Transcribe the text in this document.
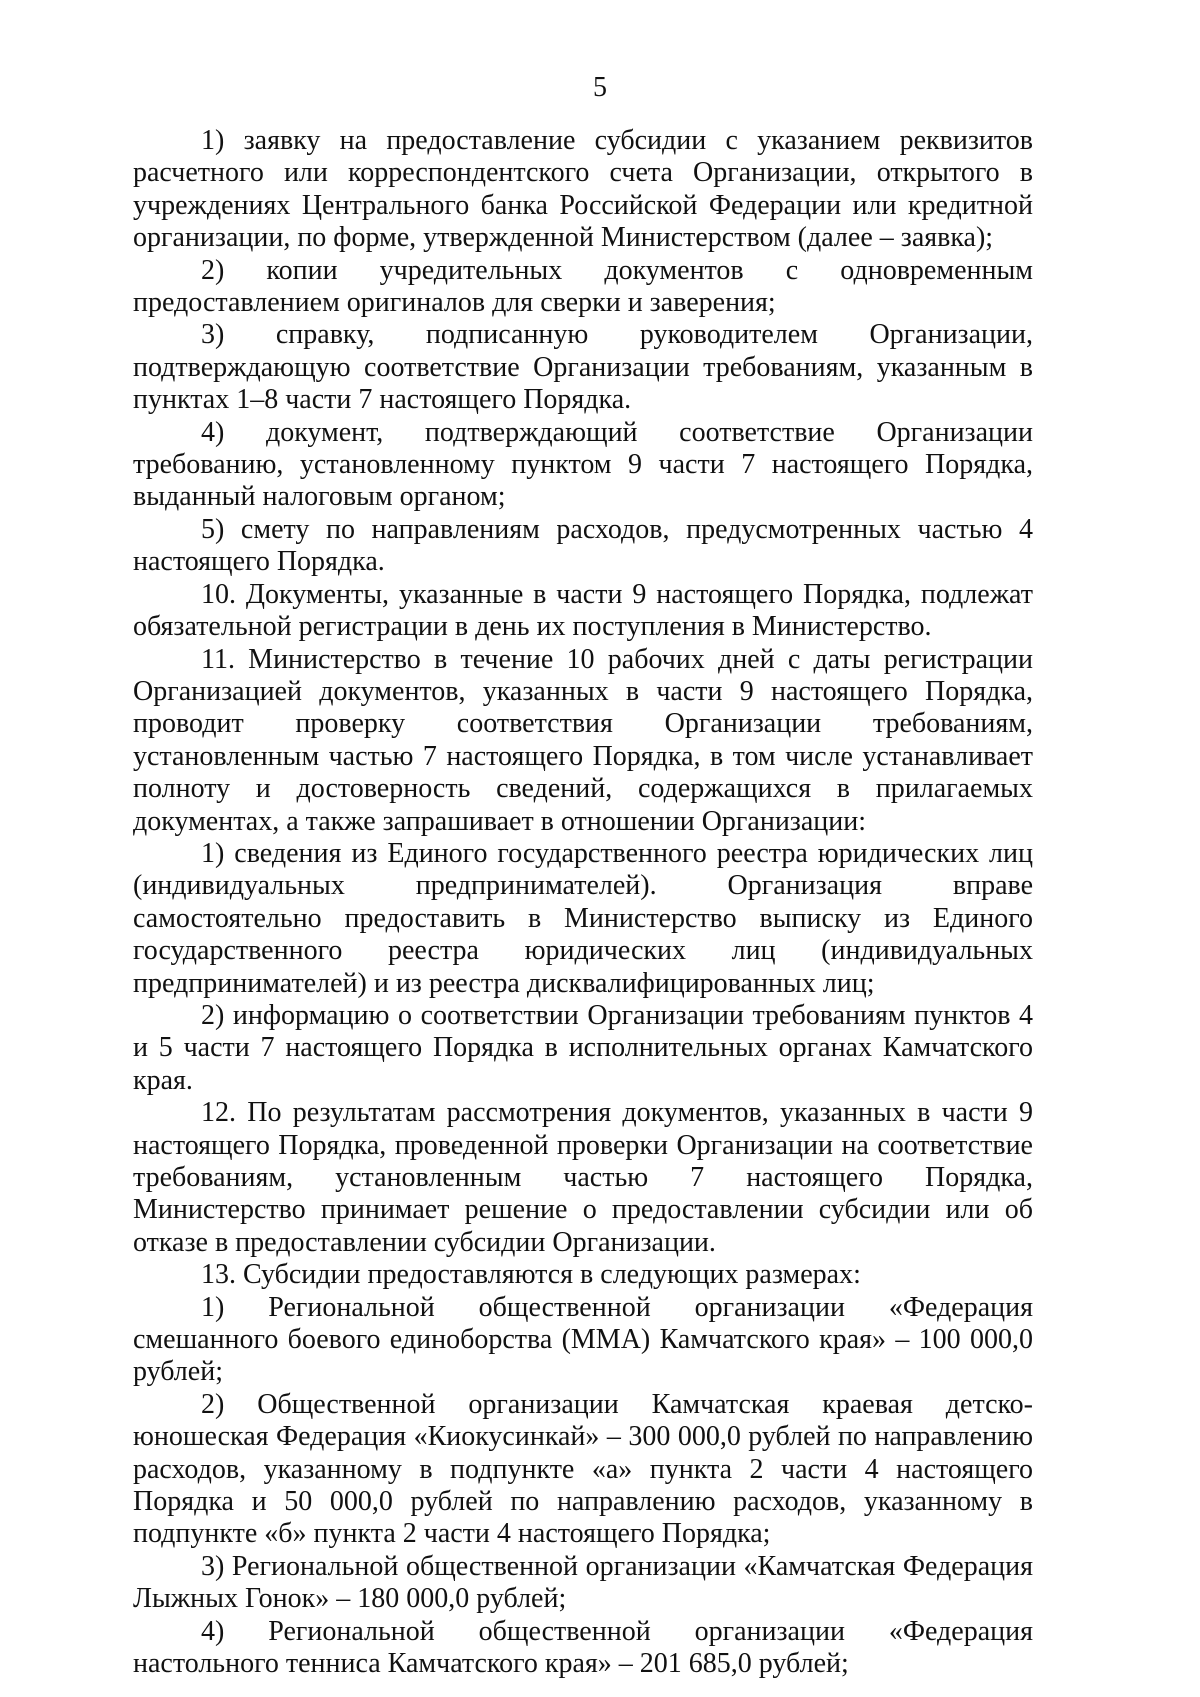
5

1) заявку на предоставление субсидии с указанием реквизитов расчетного или корреспондентского счета Организации, открытого в учреждениях Центрального банка Российской Федерации или кредитной организации, по форме, утвержденной Министерством (далее – заявка);

2) копии учредительных документов с одновременным предоставлением оригиналов для сверки и заверения;

3) справку, подписанную руководителем Организации, подтверждающую соответствие Организации требованиям, указанным в пунктах 1–8 части 7 настоящего Порядка.

4) документ, подтверждающий соответствие Организации требованию, установленному пунктом 9 части 7 настоящего Порядка, выданный налоговым органом;

5) смету по направлениям расходов, предусмотренных частью 4 настоящего Порядка.

10. Документы, указанные в части 9 настоящего Порядка, подлежат обязательной регистрации в день их поступления в Министерство.

11. Министерство в течение 10 рабочих дней с даты регистрации Организацией документов, указанных в части 9 настоящего Порядка, проводит проверку соответствия Организации требованиям, установленным частью 7 настоящего Порядка, в том числе устанавливает полноту и достоверность сведений, содержащихся в прилагаемых документах, а также запрашивает в отношении Организации:

1) сведения из Единого государственного реестра юридических лиц (индивидуальных предпринимателей). Организация вправе самостоятельно предоставить в Министерство выписку из Единого государственного реестра юридических лиц (индивидуальных предпринимателей) и из реестра дисквалифицированных лиц;

2) информацию о соответствии Организации требованиям пунктов 4 и 5 части 7 настоящего Порядка в исполнительных органах Камчатского края.

12. По результатам рассмотрения документов, указанных в части 9 настоящего Порядка, проведенной проверки Организации на соответствие требованиям, установленным частью 7 настоящего Порядка, Министерство принимает решение о предоставлении субсидии или об отказе в предоставлении субсидии Организации.

13. Субсидии предоставляются в следующих размерах:

1) Региональной общественной организации «Федерация смешанного боевого единоборства (ММА) Камчатского края» – 100 000,0 рублей;

2) Общественной организации Камчатская краевая детско-юношеская Федерация «Киокусинкай» – 300 000,0 рублей по направлению расходов, указанному в подпункте «а» пункта 2 части 4 настоящего Порядка и 50 000,0 рублей по направлению расходов, указанному в подпункте «б» пункта 2 части 4 настоящего Порядка;

3) Региональной общественной организации «Камчатская Федерация Лыжных Гонок» – 180 000,0 рублей;

4) Региональной общественной организации «Федерация настольного тенниса Камчатского края» – 201 685,0 рублей;
